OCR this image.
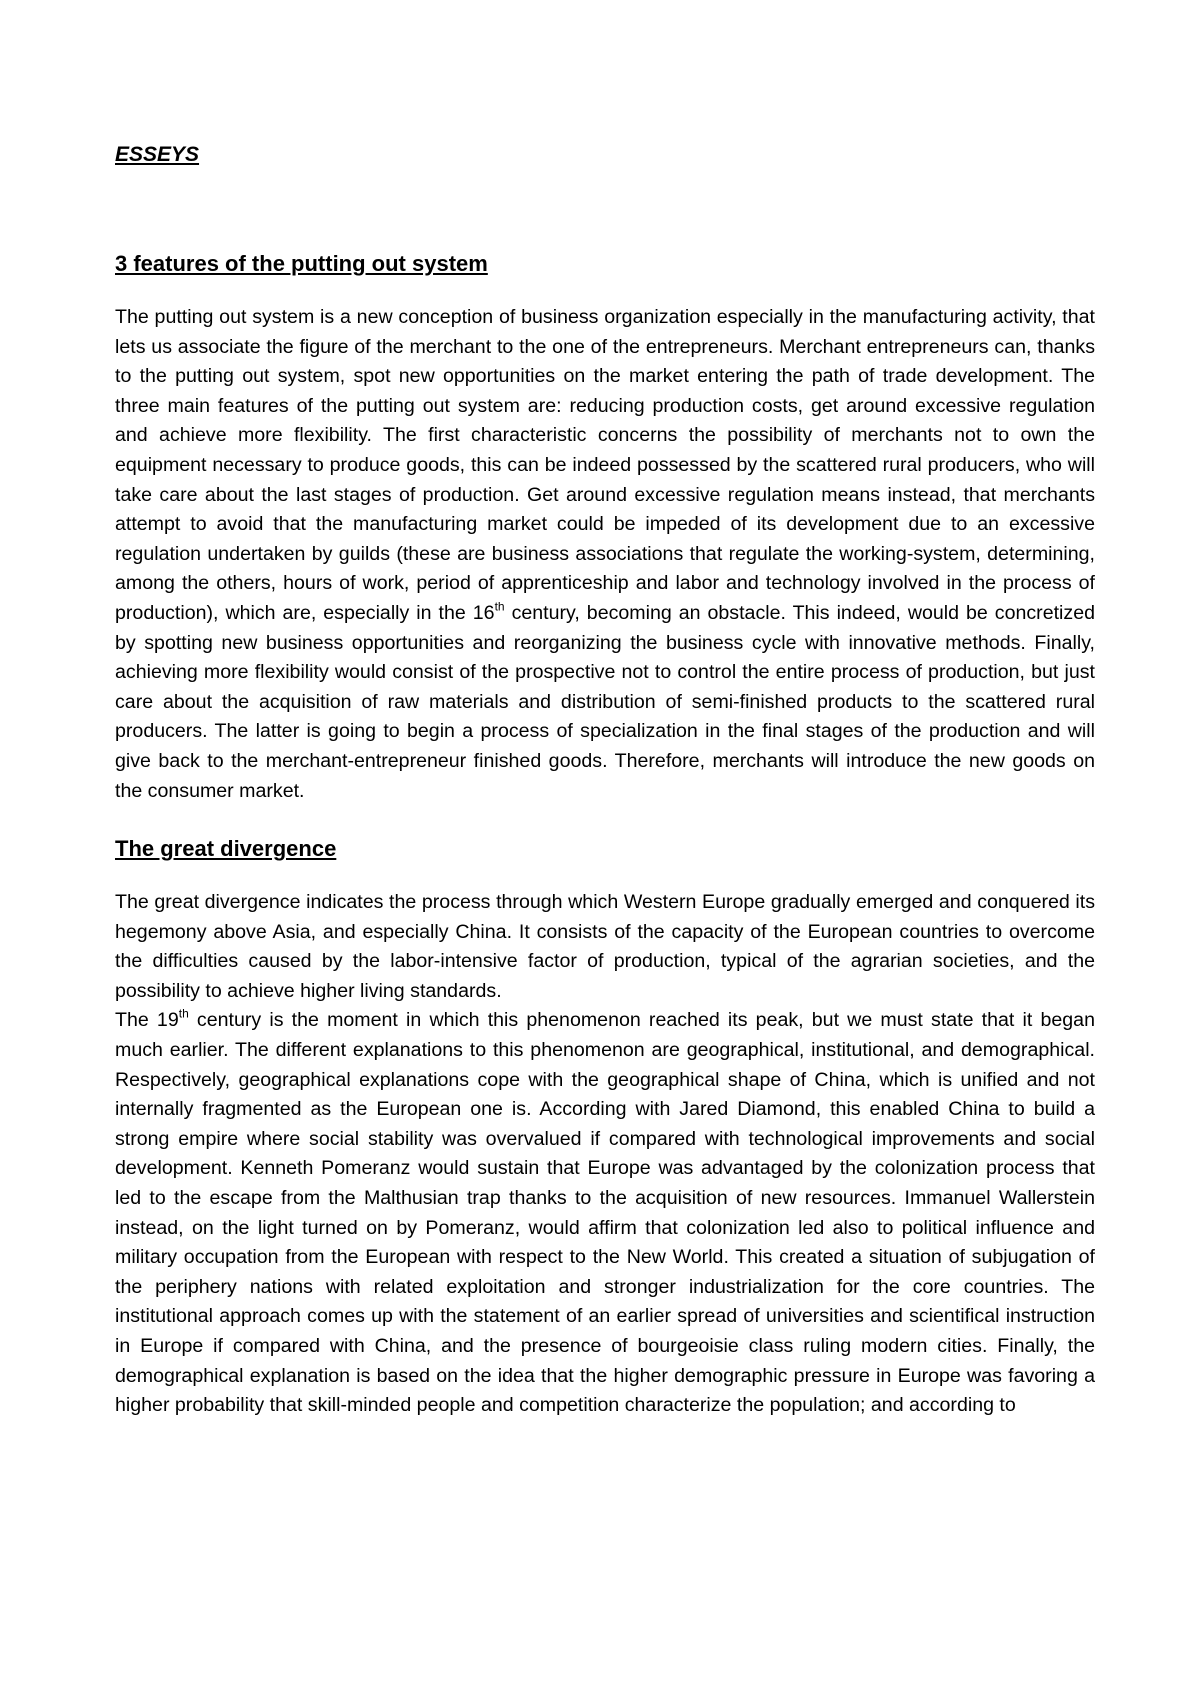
ESSEYS
3 features of the putting out system

The putting out system is a new conception of business organization especially in the manufacturing activity, that lets us associate the figure of the merchant to the one of the entrepreneurs. Merchant entrepreneurs can, thanks to the putting out system, spot new opportunities on the market entering the path of trade development. The three main features of the putting out system are: reducing production costs, get around excessive regulation and achieve more flexibility. The first characteristic concerns the possibility of merchants not to own the equipment necessary to produce goods, this can be indeed possessed by the scattered rural producers, who will take care about the last stages of production. Get around excessive regulation means instead, that merchants attempt to avoid that the manufacturing market could be impeded of its development due to an excessive regulation undertaken by guilds (these are business associations that regulate the working-system, determining, among the others, hours of work, period of apprenticeship and labor and technology involved in the process of production), which are, especially in the 16th century, becoming an obstacle. This indeed, would be concretized by spotting new business opportunities and reorganizing the business cycle with innovative methods. Finally, achieving more flexibility would consist of the prospective not to control the entire process of production, but just care about the acquisition of raw materials and distribution of semi-finished products to the scattered rural producers. The latter is going to begin a process of specialization in the final stages of the production and will give back to the merchant-entrepreneur finished goods. Therefore, merchants will introduce the new goods on the consumer market.

The great divergence

The great divergence indicates the process through which Western Europe gradually emerged and conquered its hegemony above Asia, and especially China. It consists of the capacity of the European countries to overcome the difficulties caused by the labor-intensive factor of production, typical of the agrarian societies, and the possibility to achieve higher living standards.

The 19th century is the moment in which this phenomenon reached its peak, but we must state that it began much earlier. The different explanations to this phenomenon are geographical, institutional, and demographical. Respectively, geographical explanations cope with the geographical shape of China, which is unified and not internally fragmented as the European one is. According with Jared Diamond, this enabled China to build a strong empire where social stability was overvalued if compared with technological improvements and social development. Kenneth Pomeranz would sustain that Europe was advantaged by the colonization process that led to the escape from the Malthusian trap thanks to the acquisition of new resources. Immanuel Wallerstein instead, on the light turned on by Pomeranz, would affirm that colonization led also to political influence and military occupation from the European with respect to the New World. This created a situation of subjugation of the periphery nations with related exploitation and stronger industrialization for the core countries. The institutional approach comes up with the statement of an earlier spread of universities and scientifical instruction in Europe if compared with China, and the presence of bourgeoisie class ruling modern cities. Finally, the demographical explanation is based on the idea that the higher demographic pressure in Europe was favoring a higher probability that skill-minded people and competition characterize the population; and according to
